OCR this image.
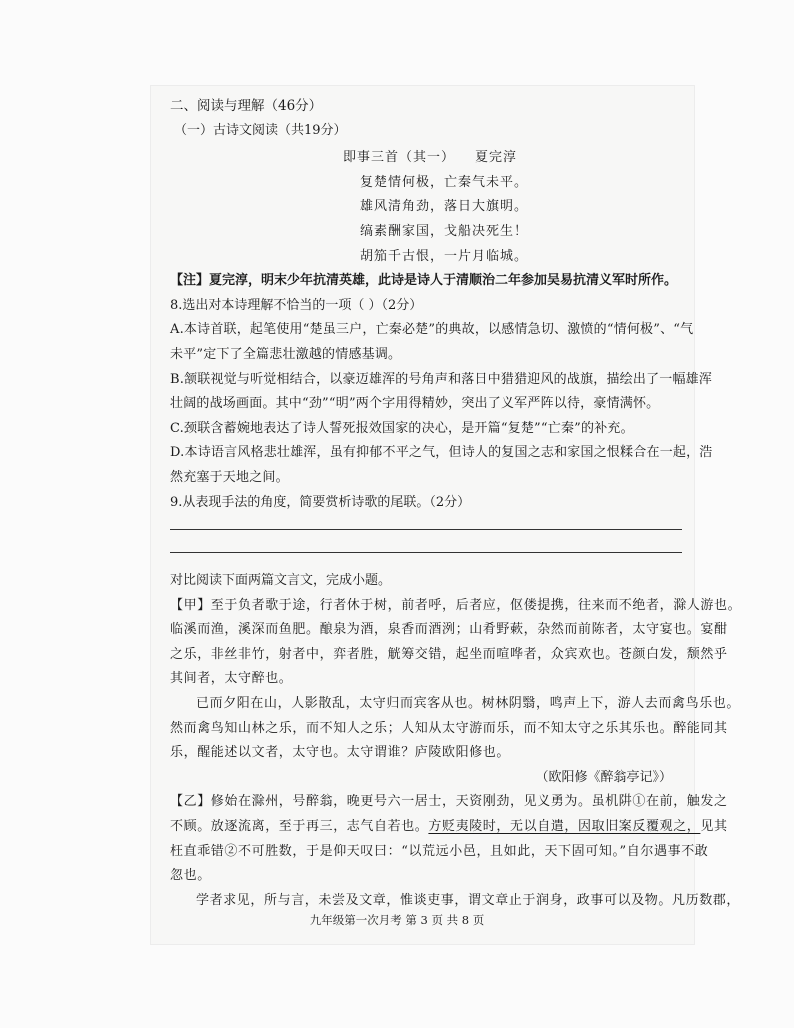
二、阅读与理解（46分）
（一）古诗文阅读（共19分）
即事三首（其一） 夏完淳
复楚情何极，亡秦气未平。
雄风清角劲，落日大旗明。
缟素酬家国，戈船决死生！
胡笳千古恨，一片月临城。
【注】夏完淳，明末少年抗清英雄，此诗是诗人于清顺治二年参加吴易抗清义军时所作。
8.选出对本诗理解不恰当的一项（ ）（2分）
A.本诗首联，起笔使用“楚虽三户，亡秦必楚”的典故，以感情急切、激愤的“情何极”、“气
未平”定下了全篇悲壮激越的情感基调。
B.颔联视觉与听觉相结合，以豪迈雄浑的号角声和落日中猎猎迎风的战旗，描绘出了一幅雄浑
壮阔的战场画面。其中“劲”“明”两个字用得精妙，突出了义军严阵以待，豪情满怀。
C.颈联含蓄婉地表达了诗人誓死报效国家的决心，是开篇“复楚”“亡秦”的补充。
D.本诗语言风格悲壮雄浑，虽有抑郁不平之气，但诗人的复国之志和家国之恨糅合在一起，浩
然充塞于天地之间。
9.从表现手法的角度，简要赏析诗歌的尾联。（2分）
对比阅读下面两篇文言文，完成小题。
【甲】至于负者歌于途，行者休于树，前者呼，后者应，伛偻提携，往来而不绝者，滁人游也。
临溪而渔，溪深而鱼肥。酿泉为酒，泉香而酒洌；山肴野蔌，杂然而前陈者，太守宴也。宴酣
之乐，非丝非竹，射者中，弈者胜，觥筹交错，起坐而喧哗者，众宾欢也。苍颜白发，颓然乎
其间者，太守醉也。
已而夕阳在山，人影散乱，太守归而宾客从也。树林阴翳，鸣声上下，游人去而禽鸟乐也。
然而禽鸟知山林之乐，而不知人之乐；人知从太守游而乐，而不知太守之乐其乐也。醉能同其
乐，醒能述以文者，太守也。太守谓谁？庐陵欧阳修也。
（欧阳修《醉翁亭记》）
【乙】修始在滁州，号醉翁，晚更号六一居士，天资刚劲，见义勇为。虽机阱①在前，触发之
不顾。放逐流离，至于再三，志气自若也。方贬夷陵时，无以自遣，因取旧案反覆观之，见其
枉直乖错②不可胜数，于是仰天叹曰：“以荒远小邑，且如此，天下固可知。”自尔遇事不敢
忽也。
学者求见，所与言，未尝及文章，惟谈吏事，谓文章止于润身，政事可以及物。凡历数郡，
九年级第一次月考 第 3 页 共 8 页
